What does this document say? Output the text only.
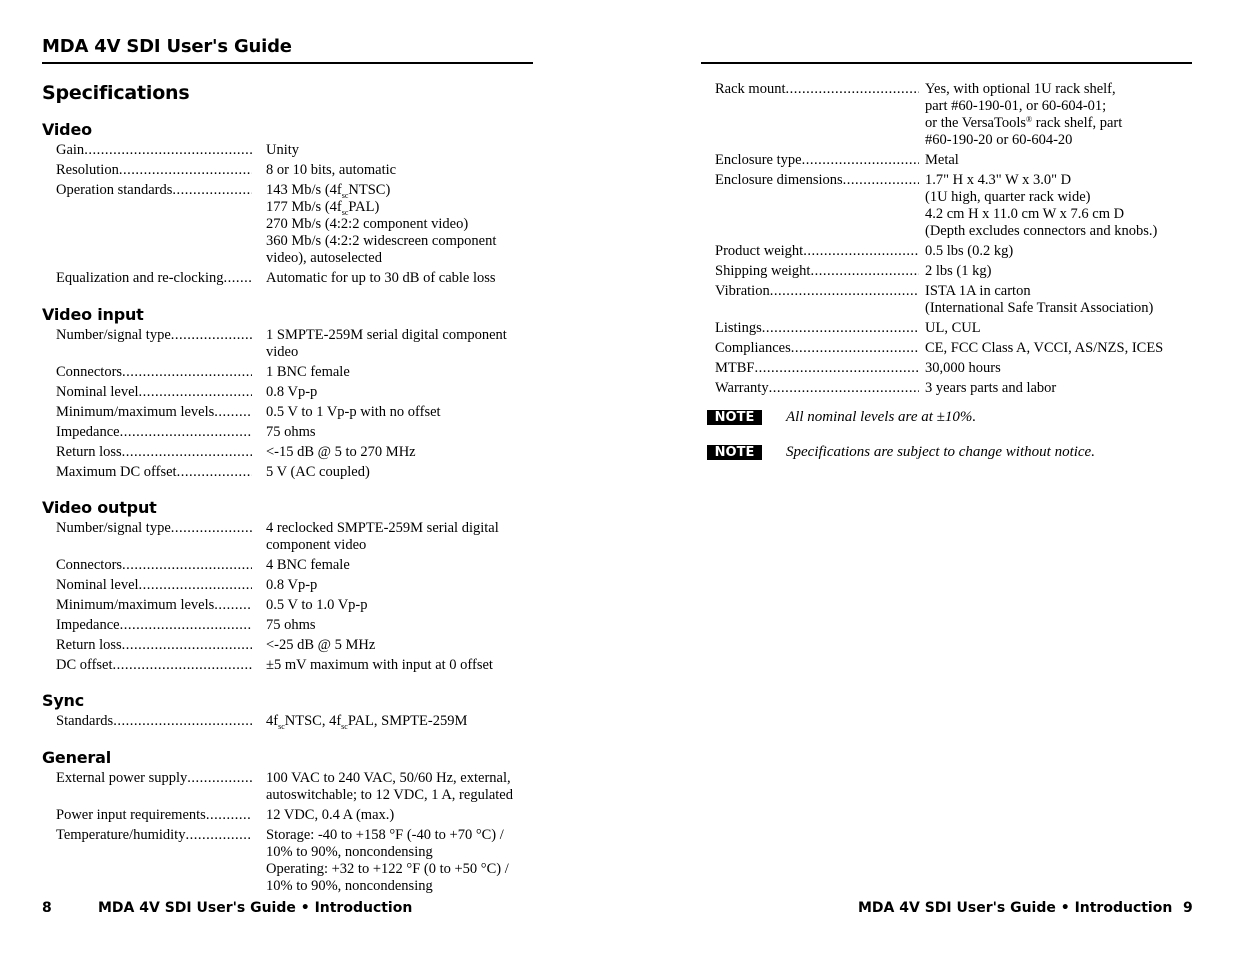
MDA 4V SDI User's Guide
Specifications
Video
Gain .....	Unity
Resolution .....	8 or 10 bits, automatic
Operation standards .....	143 Mb/s $(4f_{sc}NTSC)$
177 Mb/s $(4f_{sc}PAL)$
270 Mb/s (4:2:2 component video)
360 Mb/s (4:2:2 widescreen component
video), autoselected
Equalization and re-clocking .....	Automatic for up to 30 dB of cable loss
Video input
Number/signal type .....	1 SMPTE-259M serial digital component
video
Connectors .....	1 BNC female
Nominal level .....	0.8 Vp-p
Minimum/maximum levels .....	0.5 V to 1 Vp-p with no offset
Impedance .....	75 ohms
Return loss .....	<-15 dB @ 5 to 270 MHz
Maximum DC offset .....	5 V (AC coupled)
Video output
Number/signal type .....	4 reclocked SMPTE-259M serial digital
component video
Connectors .....	4 BNC female
Nominal level .....	0.8 Vp-p
Minimum/maximum levels .....	0.5 V to 1.0 Vp-p
Impedance .....	75 ohms
Return loss .....	<-25 dB @ 5 MHz
DC offset .....	±5 mV maximum with input at 0 offset
Sync
Standards .....	$4f_{sc}NTSC$, $4f_{sc}PAL$, SMPTE-259M
General
External power supply .....	100 VAC to 240 VAC, 50/60 Hz, external,
autoswitchable; to 12 VDC, 1 A, regulated
Power input requirements .....	12 VDC, 0.4 A (max.)
Temperature/humidity .....	Storage: -40 to +158 °F (-40 to +70 °C) /
10% to 90%, noncondensing
Operating: +32 to +122 °F (0 to +50 °C) /
10% to 90%, noncondensing
8	MDA 4V SDI User's Guide • Introduction
Rack mount .....	Yes, with optional 1U rack shelf,
part #60-190-01, or 60-604-01;
or the VersaTools® rack shelf, part
#60-190-20 or 60-604-20
Enclosure type .....	Metal
Enclosure dimensions .....	1.7" H x 4.3" W x 3.0" D
(1U high, quarter rack wide)
4.2 cm H x 11.0 cm W x 7.6 cm D
(Depth excludes connectors and knobs.)
Product weight .....	0.5 lbs (0.2 kg)
Shipping weight .....	2 lbs (1 kg)
Vibration .....	ISTA 1A in carton
(International Safe Transit Association)
Listings .....	UL, CUL
Compliances .....	CE, FCC Class A, VCCI, AS/NZS, ICES
MTBF .....	30,000 hours
Warranty .....	3 years parts and labor
NOTE	All nominal levels are at ±10%.
NOTE	Specifications are subject to change without notice.
MDA 4V SDI User's Guide • Introduction 9
